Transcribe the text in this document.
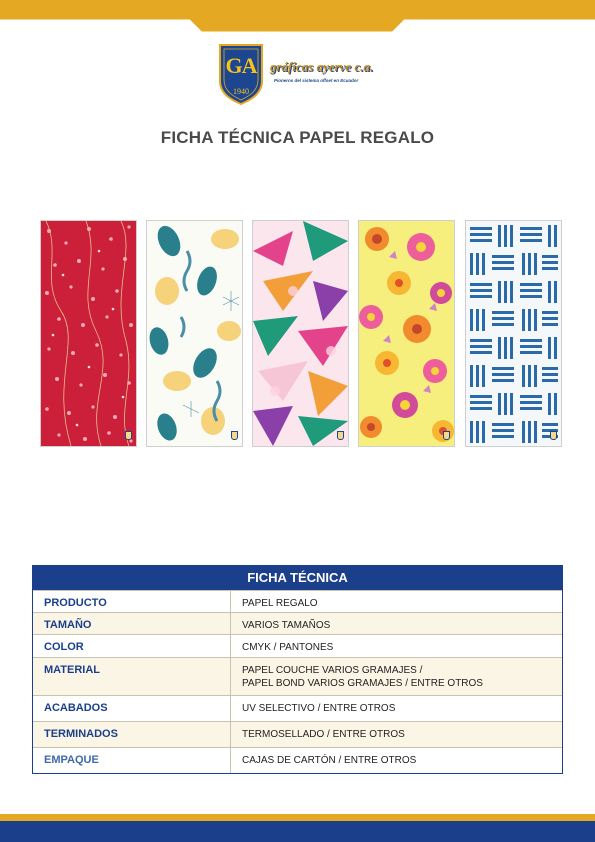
GA
1940
gráficas ayerve c.a.
Pioneros del sistema offset en Ecuador
FICHA TÉCNICA PAPEL REGALO
FICHA TÉCNICA
PRODUCTO	PAPEL REGALO
TAMAÑO	VARIOS TAMAÑOS
COLOR	CMYK / PANTONES
MATERIAL	PAPEL COUCHE VARIOS GRAMAJES /
PAPEL BOND VARIOS GRAMAJES / ENTRE OTROS
ACABADOS	UV SELECTIVO / ENTRE OTROS
TERMINADOS	TERMOSELLADO / ENTRE OTROS
EMPAQUE	CAJAS DE CARTÓN / ENTRE OTROS
